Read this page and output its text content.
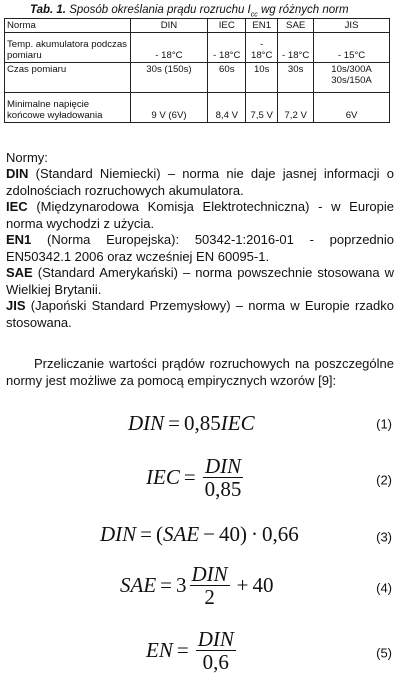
Tab. 1. Sposób określania prądu rozruchu $I_{cc}$ wg różnych norm
Norma	DIN	IEC	EN1	SAE	JIS
Temp. akumulatora podczas pomiaru	- 18°C	- 18°C	- 18°C	- 18°C	- 15°C
Czas pomiaru	30s (150s)	60s	10s	30s	10s/300A 30s/150A
Minimalne napięcie końcowe wyładowania	9 V (6V)	8,4 V	7,5 V	7,2 V	6V

Normy:

DIN (Standard Niemiecki) – norma nie daje jasnej informacji o zdolnościach rozruchowych akumulatora.

IEC (Międzynarodowa Komisja Elektrotechniczna) - w Europie norma wychodzi z użycia.

EN1 (Norma Europejska): 50342-1:2016-01 - poprzednio EN50342.1 2006 oraz wcześniej EN 60095-1.

SAE (Standard Amerykański) – norma powszechnie stosowana w Wielkiej Brytanii.

JIS (Japoński Standard Przemysłowy) – norma w Europie rzadko stosowana.

Przeliczanie wartości prądów rozruchowych na poszczególne normy jest możliwe za pomocą empirycznych wzorów [9]:

DIN = 0,85 IEC	(1)
IEC = $\frac{\text{DIN}}{0,85}$	(2)
DIN = ( SAE − 40 ) · 0,66	(3)
SAE = $3 \frac{\text{DIN}}{2} + 40$	(4)
EN = $\frac{\text{DIN}}{0,6}$	(5)
